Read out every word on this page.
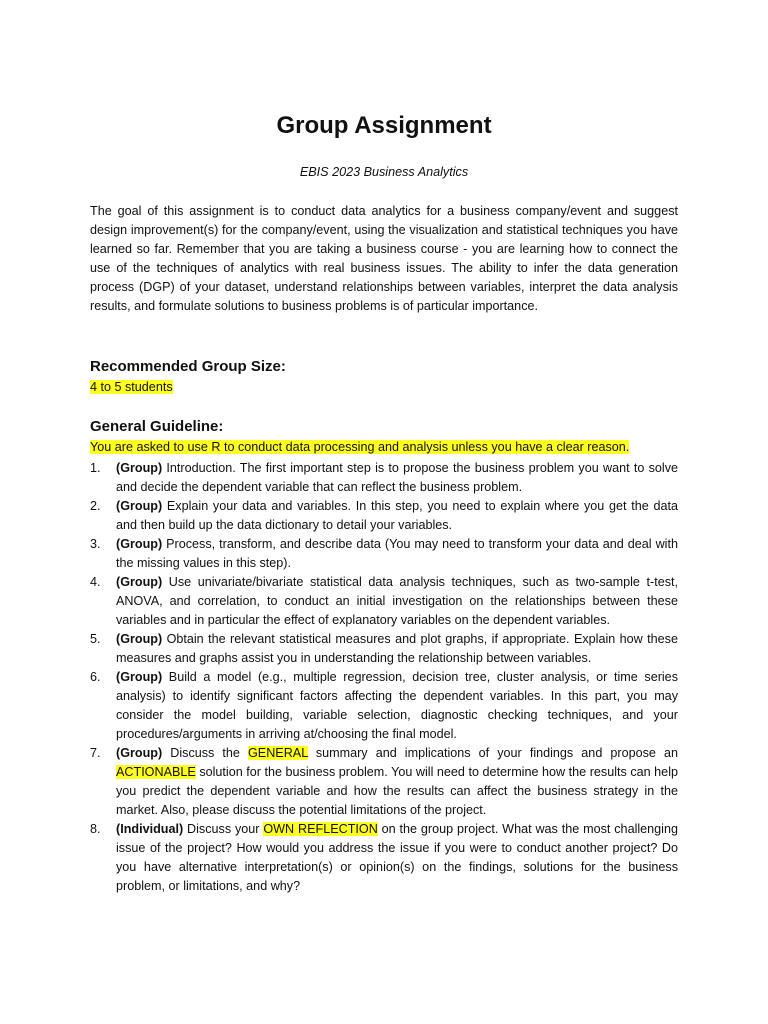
Group Assignment
EBIS 2023 Business Analytics

The goal of this assignment is to conduct data analytics for a business company/event and suggest design improvement(s) for the company/event, using the visualization and statistical techniques you have learned so far. Remember that you are taking a business course - you are learning how to connect the use of the techniques of analytics with real business issues. The ability to infer the data generation process (DGP) of your dataset, understand relationships between variables, interpret the data analysis results, and formulate solutions to business problems is of particular importance.

Recommended Group Size:
4 to 5 students
General Guideline:
You are asked to use R to conduct data processing and analysis unless you have a clear reason.
1. (Group) Introduction. The first important step is to propose the business problem you want to solve and decide the dependent variable that can reflect the business problem.
2. (Group) Explain your data and variables. In this step, you need to explain where you get the data and then build up the data dictionary to detail your variables.
3. (Group) Process, transform, and describe data (You may need to transform your data and deal with the missing values in this step).
4. (Group) Use univariate/bivariate statistical data analysis techniques, such as two-sample t-test, ANOVA, and correlation, to conduct an initial investigation on the relationships between these variables and in particular the effect of explanatory variables on the dependent variables.
5. (Group) Obtain the relevant statistical measures and plot graphs, if appropriate. Explain how these measures and graphs assist you in understanding the relationship between variables.
6. (Group) Build a model (e.g., multiple regression, decision tree, cluster analysis, or time series analysis) to identify significant factors affecting the dependent variables. In this part, you may consider the model building, variable selection, diagnostic checking techniques, and your procedures/arguments in arriving at/choosing the final model.
7. (Group) Discuss the GENERAL summary and implications of your findings and propose an ACTIONABLE solution for the business problem. You will need to determine how the results can help you predict the dependent variable and how the results can affect the business strategy in the market. Also, please discuss the potential limitations of the project.
8. (Individual) Discuss your OWN REFLECTION on the group project. What was the most challenging issue of the project? How would you address the issue if you were to conduct another project? Do you have alternative interpretation(s) or opinion(s) on the findings, solutions for the business problem, or limitations, and why?
